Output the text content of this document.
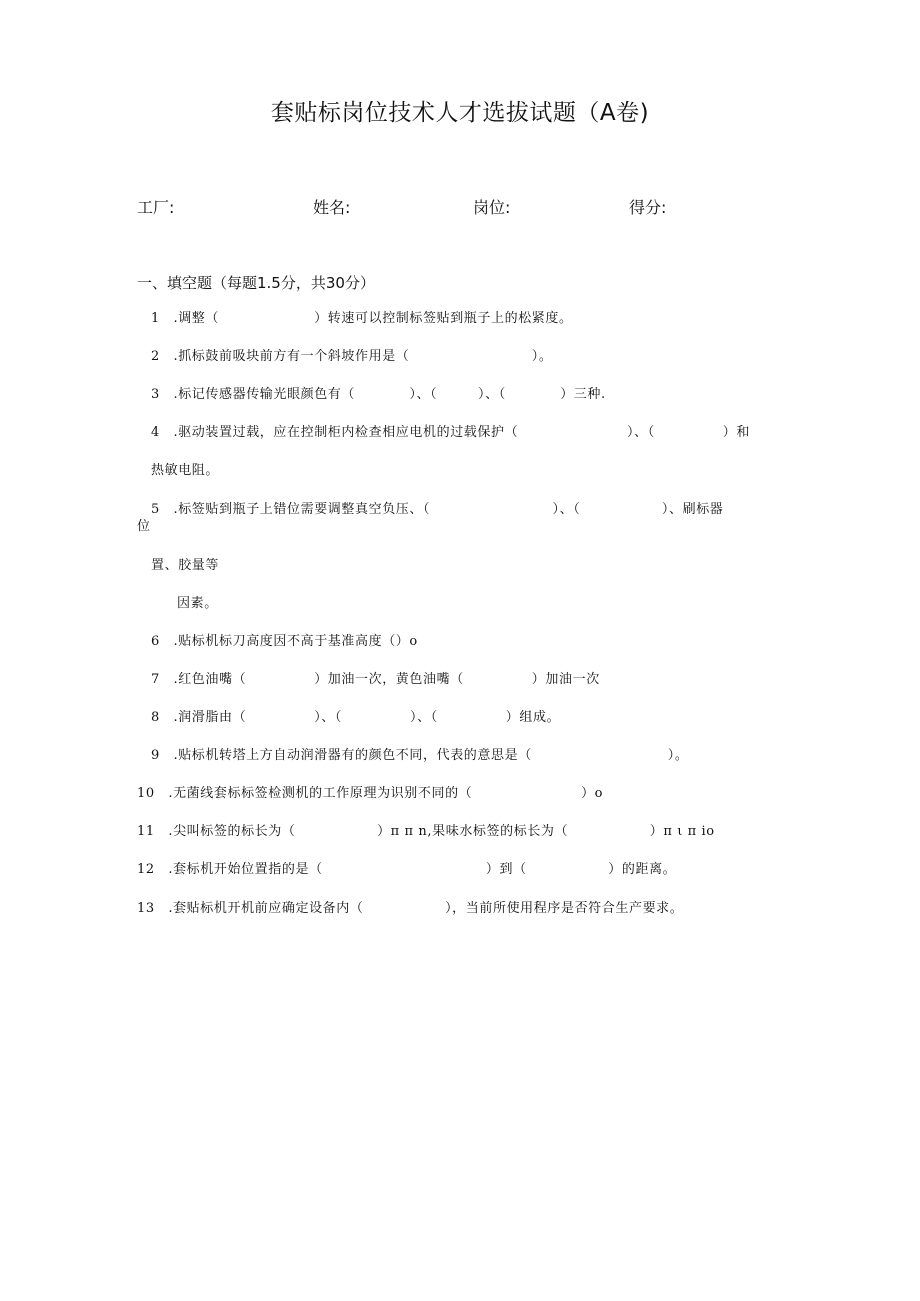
套贴标岗位技术人才选拔试题（A卷)
工厂:	姓名:	岗位:	得分:
一、填空题（每题1.5分，共30分）
1　.调整（　　　　　　　）转速可以控制标签贴到瓶子上的松紧度。
2　.抓标鼓前吸块前方有一个斜坡作用是（　　　　　　　　　）。
3　.标记传感器传输光眼颜色有（　　　　）、（　　　）、（　　　　）三种.
4　.驱动装置过载，应在控制柜内检查相应电机的过载保护（　　　　　　　　）、（　　　　　）和
热敏电阻。
5　.标签贴到瓶子上错位需要调整真空负压、（　　　　　　　　　）、（　　　　　　）、刷标器
位
置、胶量等
因素。
6　.贴标机标刀高度因不高于基准高度（）o
7　.红色油嘴（　　　　　）加油一次，黄色油嘴（　　　　　）加油一次
8　.润滑脂由（　　　　　）、（　　　　　）、（　　　　　）组成。
9　.贴标机转塔上方自动润滑器有的颜色不同，代表的意思是（　　　　　　　　　　）。
10　.无菌线套标标签检测机的工作原理为识别不同的（　　　　　　　　）o
11　.尖叫标签的标长为（　　　　　　）π π n,果味水标签的标长为（　　　　　　）π ι π io
12　.套标机开始位置指的是（　　　　　　　　　　　　）到（　　　　　　）的距离。
13　.套贴标机开机前应确定设备内（　　　　　　），当前所使用程序是否符合生产要求。
